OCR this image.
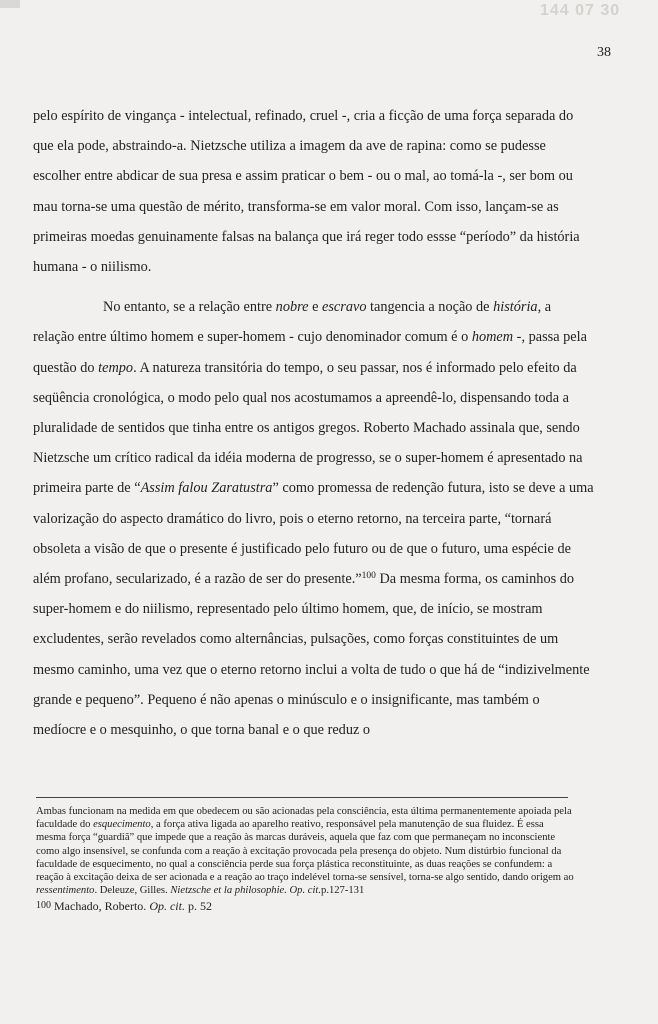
144 07 30
38

pelo espírito de vingança - intelectual, refinado, cruel -, cria a ficção de uma força separada do que ela pode, abstraindo-a. Nietzsche utiliza a imagem da ave de rapina: como se pudesse escolher entre abdicar de sua presa e assim praticar o bem - ou o mal, ao tomá-la -, ser bom ou mau torna-se uma questão de mérito, transforma-se em valor moral. Com isso, lançam-se as primeiras moedas genuinamente falsas na balança que irá reger todo essse “período” da história humana - o niilismo.

No entanto, se a relação entre nobre e escravo tangencia a noção de história, a relação entre último homem e super-homem - cujo denominador comum é o homem -, passa pela questão do tempo. A natureza transitória do tempo, o seu passar, nos é informado pelo efeito da seqüência cronológica, o modo pelo qual nos acostumamos a apreendê-lo, dispensando toda a pluralidade de sentidos que tinha entre os antigos gregos. Roberto Machado assinala que, sendo Nietzsche um crítico radical da idéia moderna de progresso, se o super-homem é apresentado na primeira parte de “Assim falou Zaratustra” como promessa de redenção futura, isto se deve a uma valorização do aspecto dramático do livro, pois o eterno retorno, na terceira parte, “tornará obsoleta a visão de que o presente é justificado pelo futuro ou de que o futuro, uma espécie de além profano, secularizado, é a razão de ser do presente.”$^{100}$ Da mesma forma, os caminhos do super-homem e do niilismo, representado pelo último homem, que, de início, se mostram excludentes, serão revelados como alternâncias, pulsações, como forças constituintes de um mesmo caminho, uma vez que o eterno retorno inclui a volta de tudo o que há de “indizivelmente grande e pequeno”. Pequeno é não apenas o minúsculo e o insignificante, mas também o medíocre e o mesquinho, o que torna banal e o que reduz o

Ambas funcionam na medida em que obedecem ou são acionadas pela consciência, esta última permanentemente apoiada pela faculdade do esquecimento, a força ativa ligada ao aparelho reativo, responsável pela manutenção de sua fluidez. É essa mesma força “guardiã” que impede que a reação às marcas duráveis, aquela que faz com que permaneçam no inconsciente como algo insensível, se confunda com a reação à excitação provocada pela presença do objeto. Num distúrbio funcional da faculdade de esquecimento, no qual a consciência perde sua força plástica reconstituinte, as duas reações se confundem: a reação à excitação deixa de ser acionada e a reação ao traço indelével torna-se sensível, torna-se algo sentido, dando origem ao ressentimento. Deleuze, Gilles. Nietzsche et la philosophie. Op. cit.p.127-131

100 Machado, Roberto. Op. cit. p. 52
